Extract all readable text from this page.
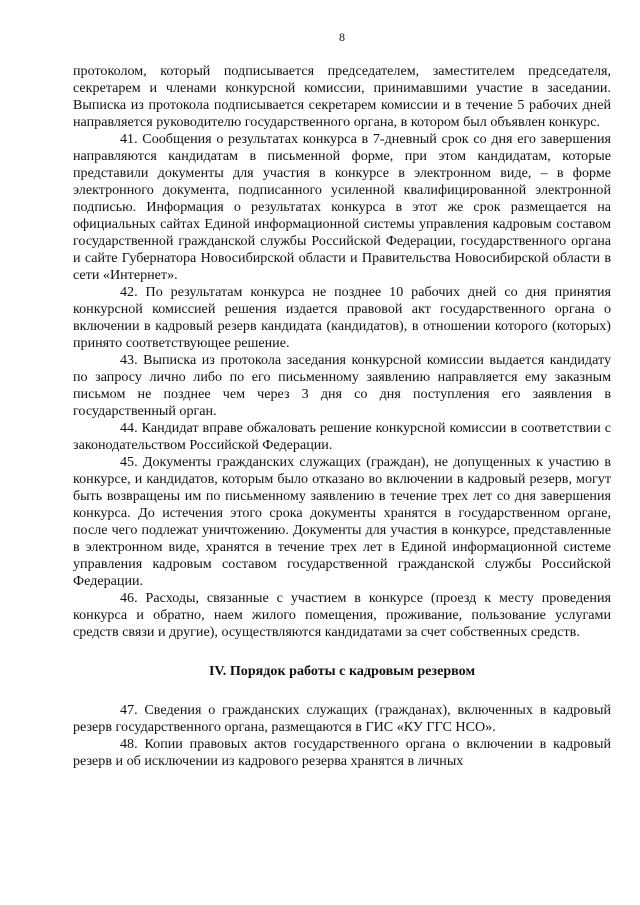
8

протоколом, который подписывается председателем, заместителем председателя, секретарем и членами конкурсной комиссии, принимавшими участие в заседании. Выписка из протокола подписывается секретарем комиссии и в течение 5 рабочих дней направляется руководителю государственного органа, в котором был объявлен конкурс.

41. Сообщения о результатах конкурса в 7-дневный срок со дня его завершения направляются кандидатам в письменной форме, при этом кандидатам, которые представили документы для участия в конкурсе в электронном виде, – в форме электронного документа, подписанного усиленной квалифицированной электронной подписью. Информация о результатах конкурса в этот же срок размещается на официальных сайтах Единой информационной системы управления кадровым составом государственной гражданской службы Российской Федерации, государственного органа и сайте Губернатора Новосибирской области и Правительства Новосибирской области в сети «Интернет».

42. По результатам конкурса не позднее 10 рабочих дней со дня принятия конкурсной комиссией решения издается правовой акт государственного органа о включении в кадровый резерв кандидата (кандидатов), в отношении которого (которых) принято соответствующее решение.

43. Выписка из протокола заседания конкурсной комиссии выдается кандидату по запросу лично либо по его письменному заявлению направляется ему заказным письмом не позднее чем через 3 дня со дня поступления его заявления в государственный орган.

44. Кандидат вправе обжаловать решение конкурсной комиссии в соответствии с законодательством Российской Федерации.

45. Документы гражданских служащих (граждан), не допущенных к участию в конкурсе, и кандидатов, которым было отказано во включении в кадровый резерв, могут быть возвращены им по письменному заявлению в течение трех лет со дня завершения конкурса. До истечения этого срока документы хранятся в государственном органе, после чего подлежат уничтожению. Документы для участия в конкурсе, представленные в электронном виде, хранятся в течение трех лет в Единой информационной системе управления кадровым составом государственной гражданской службы Российской Федерации.

46. Расходы, связанные с участием в конкурсе (проезд к месту проведения конкурса и обратно, наем жилого помещения, проживание, пользование услугами средств связи и другие), осуществляются кандидатами за счет собственных средств.

IV. Порядок работы с кадровым резервом

47. Сведения о гражданских служащих (гражданах), включенных в кадровый резерв государственного органа, размещаются в ГИС «КУ ГГС НСО».

48. Копии правовых актов государственного органа о включении в кадровый резерв и об исключении из кадрового резерва хранятся в личных
